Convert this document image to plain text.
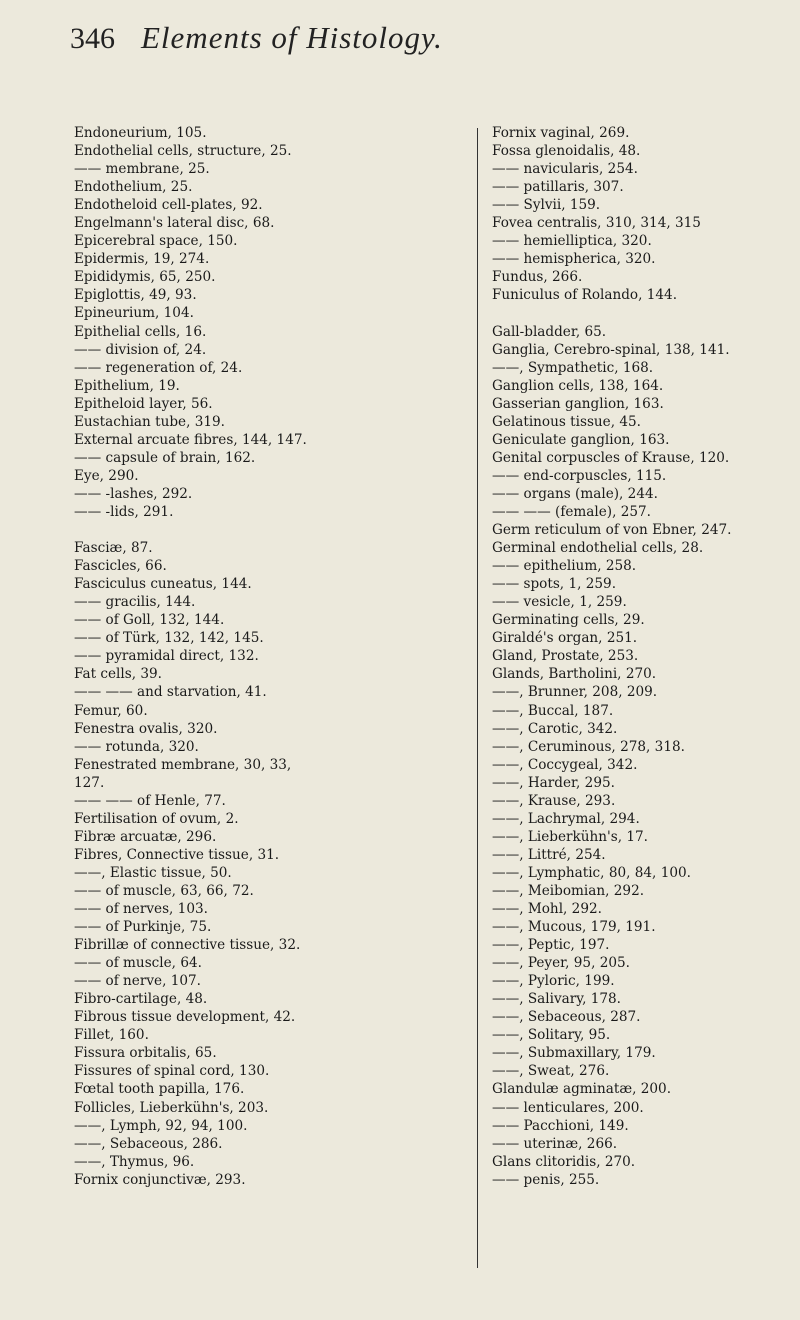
346 Elements of Histology.
Endoneurium, 105.
Endothelial cells, structure, 25.
—— membrane, 25.
Endothelium, 25.
Endotheloid cell-plates, 92.
Engelmann's lateral disc, 68.
Epicerebral space, 150.
Epidermis, 19, 274.
Epididymis, 65, 250.
Epiglottis, 49, 93.
Epineurium, 104.
Epithelial cells, 16.
—— division of, 24.
—— regeneration of, 24.
Epithelium, 19.
Epitheloid layer, 56.
Eustachian tube, 319.
External arcuate fibres, 144, 147.
—— capsule of brain, 162.
Eye, 290.
—— -lashes, 292.
—— -lids, 291.
Fasciæ, 87.
Fascicles, 66.
Fasciculus cuneatus, 144.
—— gracilis, 144.
—— of Goll, 132, 144.
—— of Türk, 132, 142, 145.
—— pyramidal direct, 132.
Fat cells, 39.
—— —— and starvation, 41.
Femur, 60.
Fenestra ovalis, 320.
—— rotunda, 320.
Fenestrated membrane, 30, 33,
127.
—— —— of Henle, 77.
Fertilisation of ovum, 2.
Fibræ arcuatæ, 296.
Fibres, Connective tissue, 31.
——, Elastic tissue, 50.
—— of muscle, 63, 66, 72.
—— of nerves, 103.
—— of Purkinje, 75.
Fibrillæ of connective tissue, 32.
—— of muscle, 64.
—— of nerve, 107.
Fibro-cartilage, 48.
Fibrous tissue development, 42.
Fillet, 160.
Fissura orbitalis, 65.
Fissures of spinal cord, 130.
Fœtal tooth papilla, 176.
Follicles, Lieberkühn's, 203.
——, Lymph, 92, 94, 100.
——, Sebaceous, 286.
——, Thymus, 96.
Fornix conjunctivæ, 293.
Fornix vaginal, 269.
Fossa glenoidalis, 48.
—— navicularis, 254.
—— patillaris, 307.
—— Sylvii, 159.
Fovea centralis, 310, 314, 315
—— hemielliptica, 320.
—— hemispherica, 320.
Fundus, 266.
Funiculus of Rolando, 144.
Gall-bladder, 65.
Ganglia, Cerebro-spinal, 138, 141.
——, Sympathetic, 168.
Ganglion cells, 138, 164.
Gasserian ganglion, 163.
Gelatinous tissue, 45.
Geniculate ganglion, 163.
Genital corpuscles of Krause, 120.
—— end-corpuscles, 115.
—— organs (male), 244.
—— —— (female), 257.
Germ reticulum of von Ebner, 247.
Germinal endothelial cells, 28.
—— epithelium, 258.
—— spots, 1, 259.
—— vesicle, 1, 259.
Germinating cells, 29.
Giraldé's organ, 251.
Gland, Prostate, 253.
Glands, Bartholini, 270.
——, Brunner, 208, 209.
——, Buccal, 187.
——, Carotic, 342.
——, Ceruminous, 278, 318.
——, Coccygeal, 342.
——, Harder, 295.
——, Krause, 293.
——, Lachrymal, 294.
——, Lieberkühn's, 17.
——, Littré, 254.
——, Lymphatic, 80, 84, 100.
——, Meibomian, 292.
——, Mohl, 292.
——, Mucous, 179, 191.
——, Peptic, 197.
——, Peyer, 95, 205.
——, Pyloric, 199.
——, Salivary, 178.
——, Sebaceous, 287.
——, Solitary, 95.
——, Submaxillary, 179.
——, Sweat, 276.
Glandulæ agminatæ, 200.
—— lenticulares, 200.
—— Pacchioni, 149.
—— uterinæ, 266.
Glans clitoridis, 270.
—— penis, 255.
